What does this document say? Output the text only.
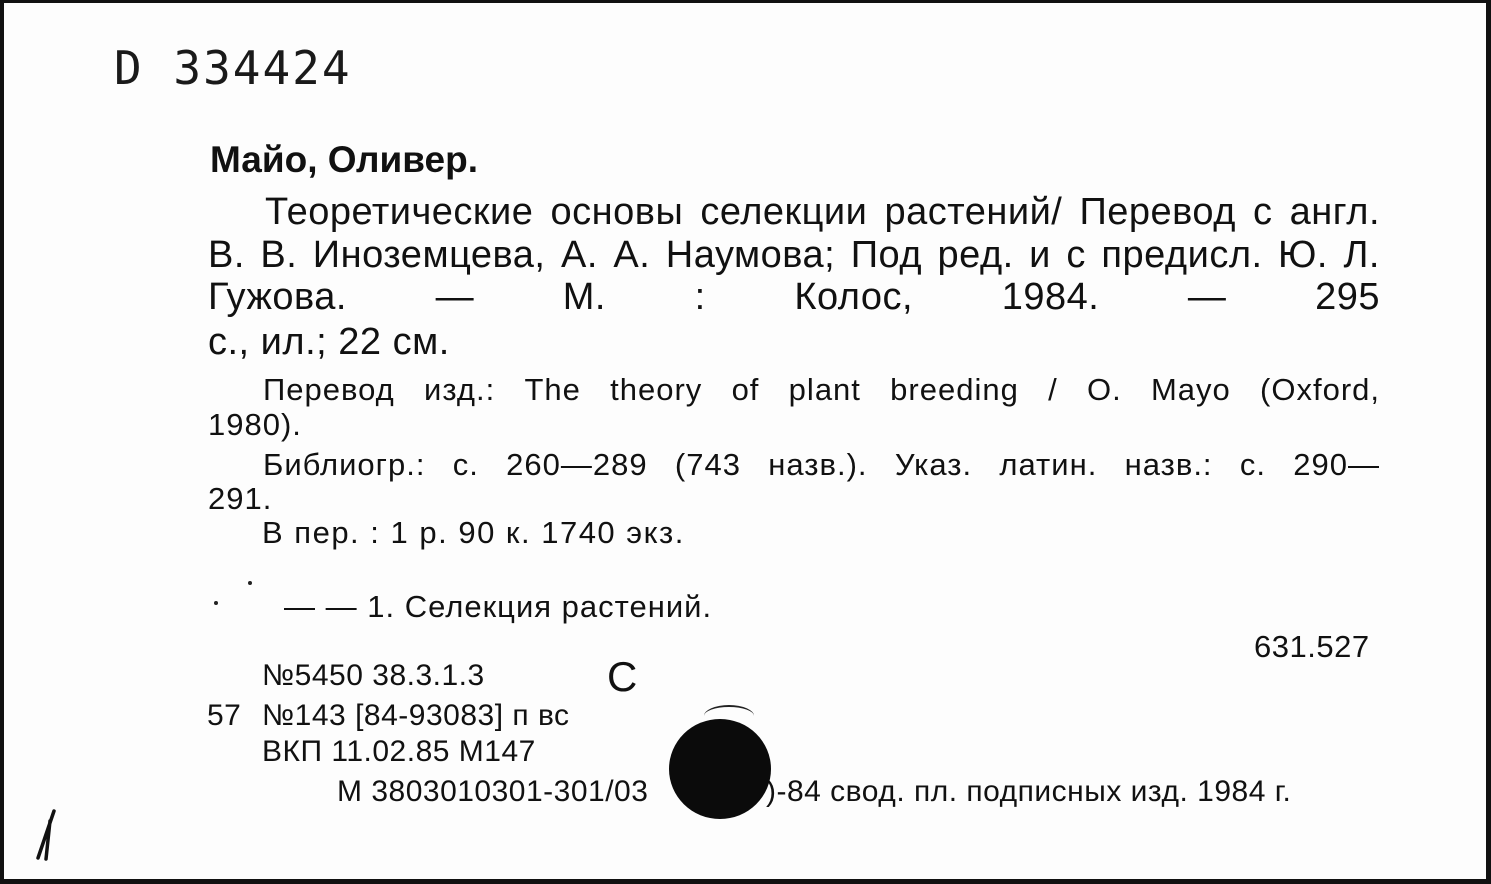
D 334424
Майо, Оливер.
Теоретические основы селекции растений/ Перевод с англ. В. В. Иноземцева, А. А. Наумова; Под ред. и с предисл. Ю. Л. Гужова. — М. : Колос, 1984. — 295
с., ил.; 22 см.
Перевод изд.: The theory of plant breeding / O. Mayo (Oxford,
1980).
Библиогр.: с. 260—289 (743 назв.). Указ. латин. назв.: с. 290—
291.
В пер. : 1 р. 90 к. 1740 экз.
— — 1. Селекция растений.
631.527
№5450 38.3.1.3	С
57 №143 [84-93083] п вс
ВКП 11.02.85 М147
М 3803010301-301/03	)-84 свод. пл. подписных изд. 1984 г.
